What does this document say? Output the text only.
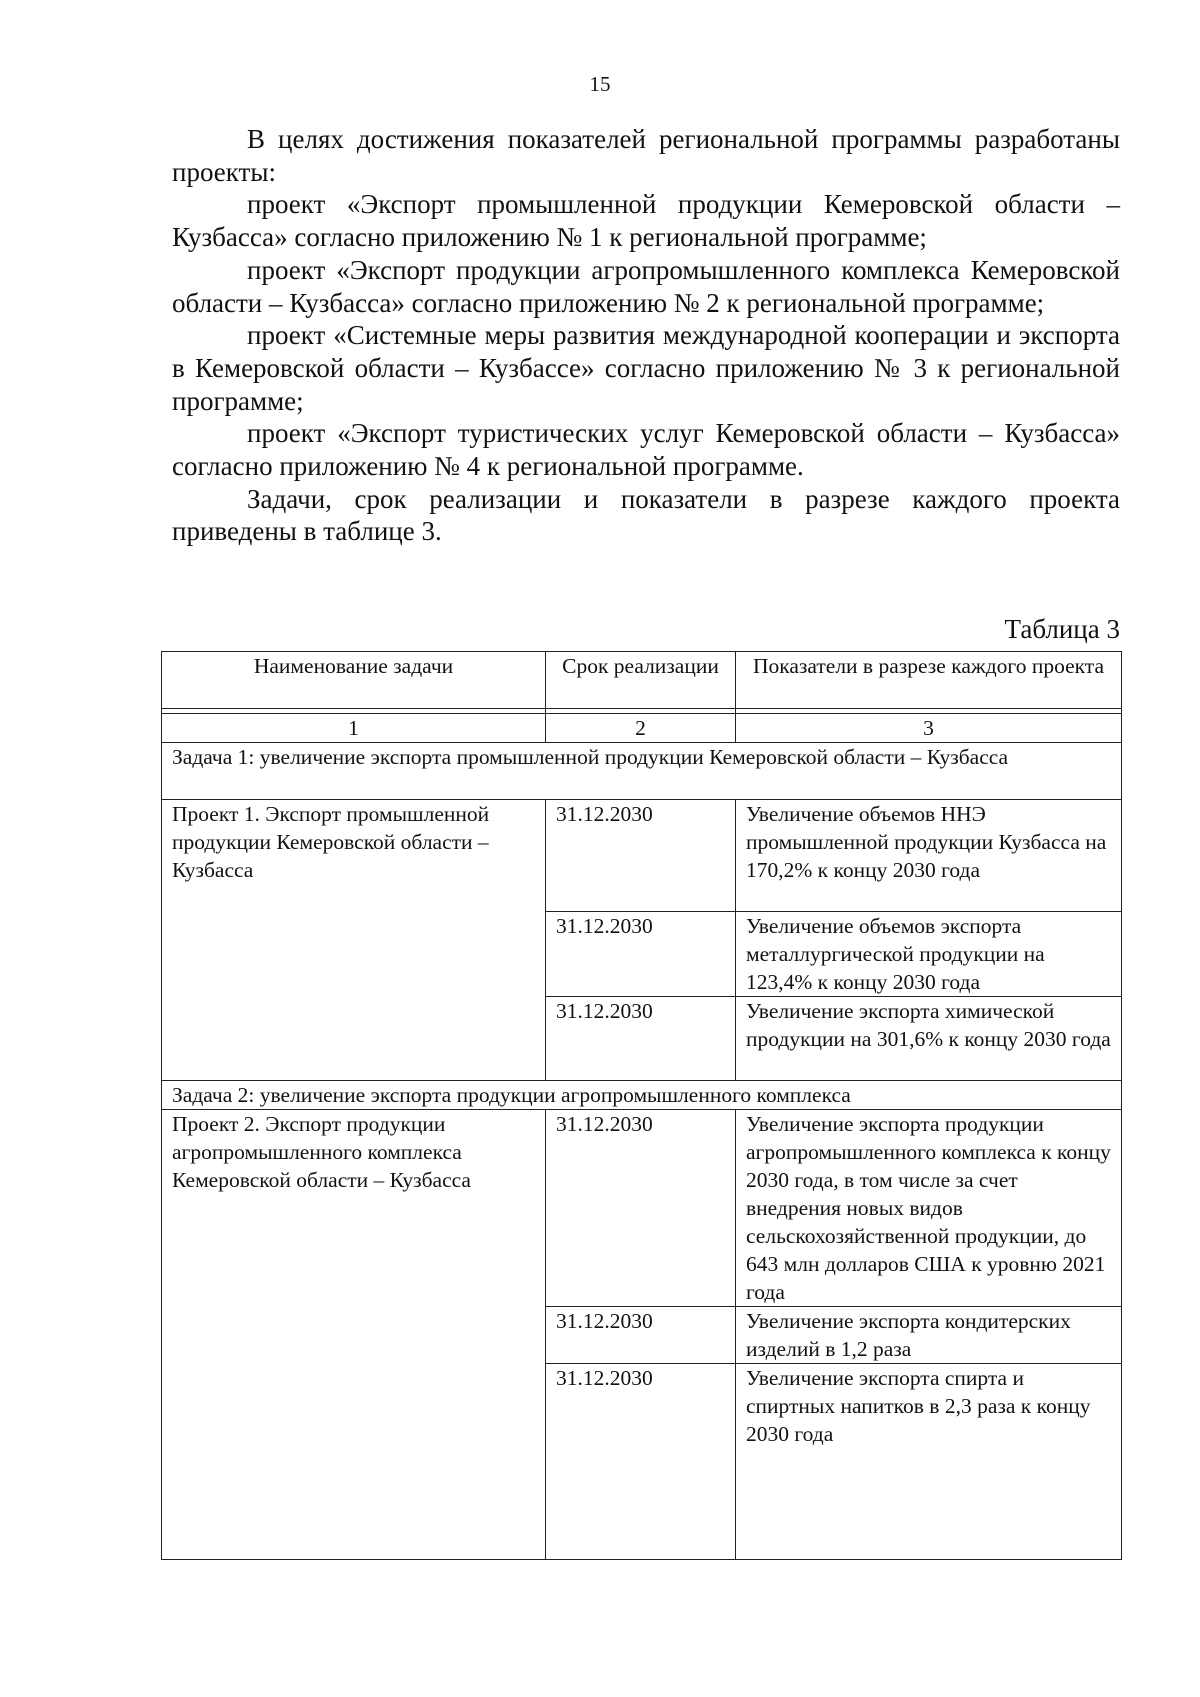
15

В целях достижения показателей региональной программы разработаны проекты:

проект «Экспорт промышленной продукции Кемеровской области – Кузбасса» согласно приложению № 1 к региональной программе;

проект «Экспорт продукции агропромышленного комплекса Кемеровской области – Кузбасса» согласно приложению № 2 к региональной программе;

проект «Системные меры развития международной кооперации и экспорта в Кемеровской области – Кузбассе» согласно приложению № 3 к региональной программе;

проект «Экспорт туристических услуг Кемеровской области – Кузбасса» согласно приложению № 4 к региональной программе.

Задачи, срок реализации и показатели в разрезе каждого проекта приведены в таблице 3.

Таблица 3
Наименование задачи	Срок реализации	Показатели в разрезе каждого проекта

1	2	3
Задача 1: увеличение экспорта промышленной продукции Кемеровской области – Кузбасса		
Проект 1. Экспорт промышленной продукции Кемеровской области – Кузбасса	31.12.2030	Увеличение объемов ННЭ промышленной продукции Кузбасса на 170,2% к концу 2030 года
	31.12.2030	Увеличение объемов экспорта металлургической продукции на 123,4% к концу 2030 года
	31.12.2030	Увеличение экспорта химической продукции на 301,6% к концу 2030 года
Задача 2: увеличение экспорта продукции агропромышленного комплекса		
Проект 2. Экспорт продукции агропромышленного комплекса Кемеровской области – Кузбасса	31.12.2030	Увеличение экспорта продукции агропромышленного комплекса к концу 2030 года, в том числе за счет внедрения новых видов сельскохозяйственной продукции, до 643 млн долларов США к уровню 2021 года
	31.12.2030	Увеличение экспорта кондитерских изделий в 1,2 раза
	31.12.2030	Увеличение экспорта спирта и спиртных напитков в 2,3 раза к концу 2030 года
